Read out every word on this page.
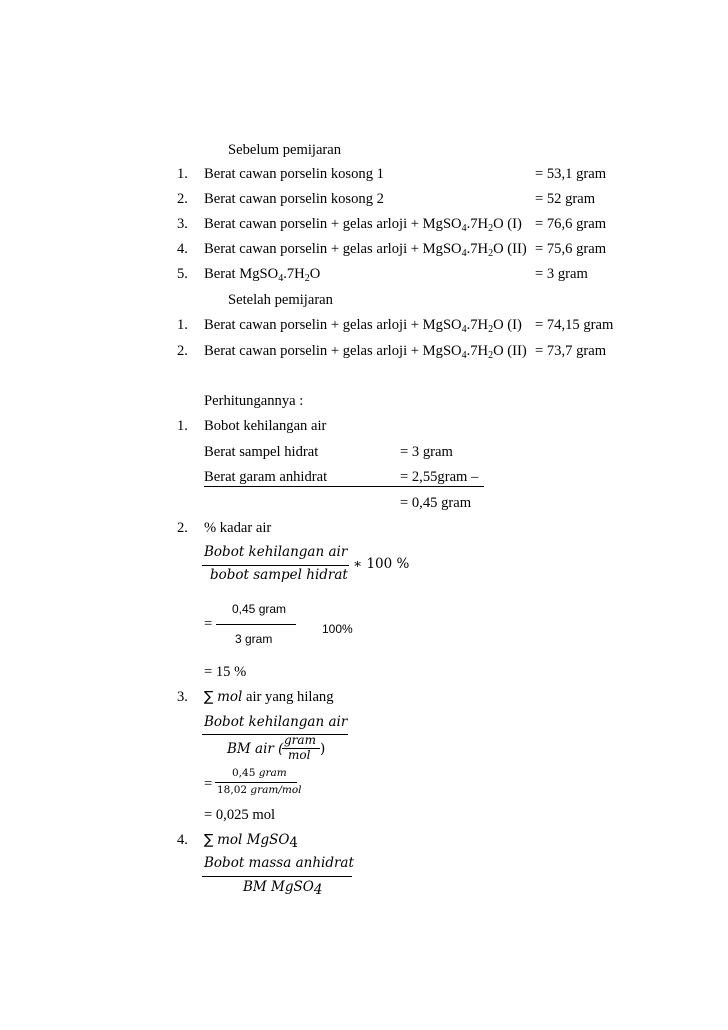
Sebelum pemijaran
1. Berat cawan porselin kosong 1	= 53,1 gram
2. Berat cawan porselin kosong 2	= 52 gram
3. Berat cawan porselin + gelas arloji + $MgSO_4.7H_2O$ (I) = 76,6 gram
4. Berat cawan porselin + gelas arloji + $MgSO_4.7H_2O$ (II) = 75,6 gram
5. Berat $MgSO_4.7H_2O$	= 3 gram
Setelah pemijaran
1. Berat cawan porselin + gelas arloji + $MgSO_4.7H_2O$ (I) = 74,15 gram
2. Berat cawan porselin + gelas arloji + $MgSO_4.7H_2O$ (II) = 73,7 gram
Perhitungannya :
1. Bobot kehilangan air
Berat sampel hidrat	= 3 gram
Berat garam anhidrat	= 2,55gram –
= 0,45 gram
2. % kadar air
Bobot kehilangan air
bobot sampel hidrat
∗ 100 %
0,45 gram
3 gram
=	100%
= 15 %
3. ∑ mol air yang hilang
Bobot kehilangan air
BM air (
gram
mol )
=
0,45 gram
18,02 gram/mol
= 0,025 mol
4. ∑ mol MgSO$_4$
Bobot massa anhidrat
BM MgSO$_4$
